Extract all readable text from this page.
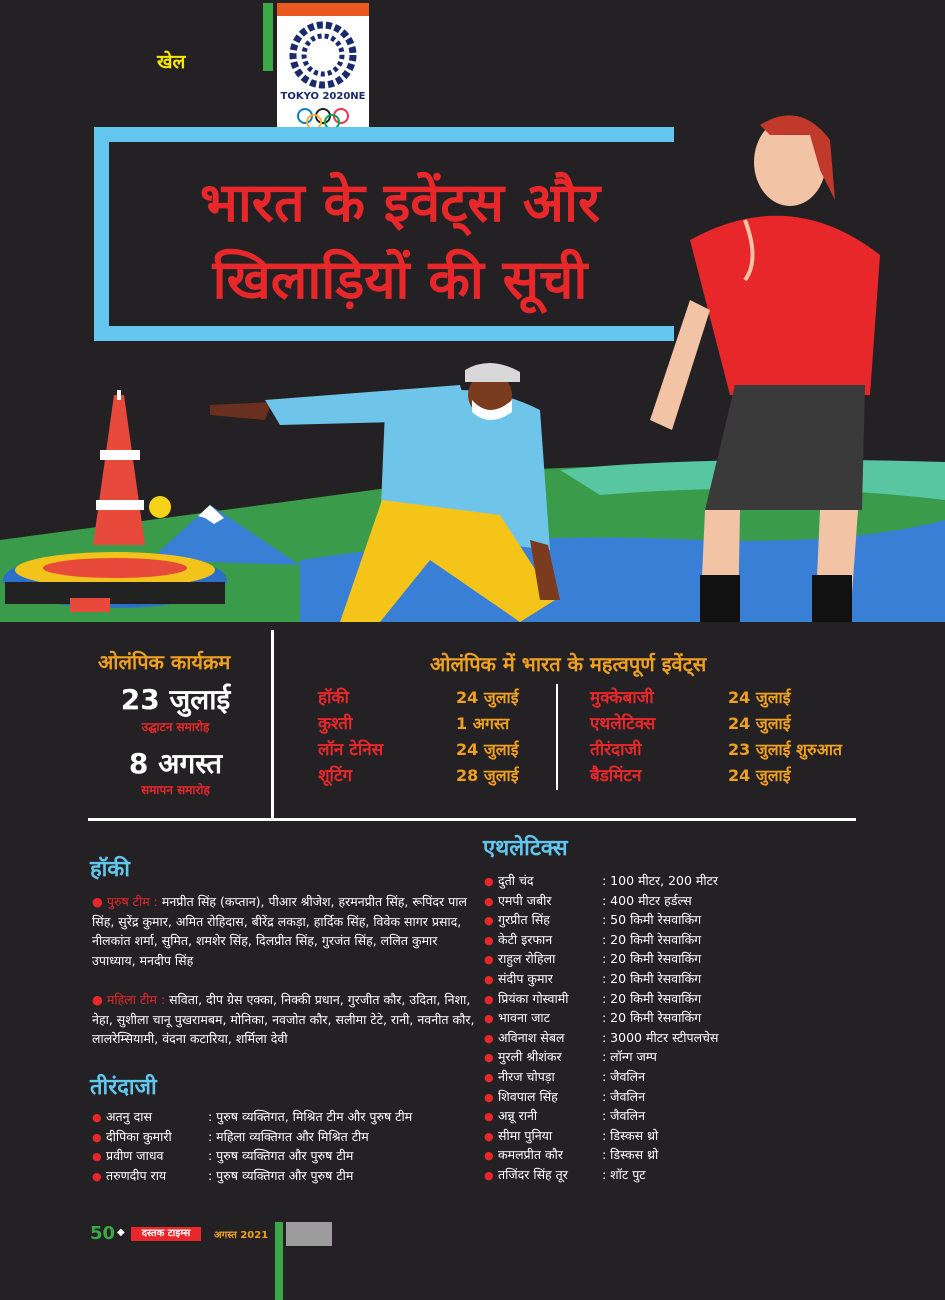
खेल
TOKYO 2020NE
भारत के इवेंट्स और
खिलाड़ियों की सूची
ओलंपिक कार्यक्रम
23 जुलाई
उद्घाटन समारोह
8 अगस्त
समापन समारोह
ओलंपिक में भारत के महत्वपूर्ण इवेंट्स
हॉकी	24 जुलाई
कुश्ती	1 अगस्त
लॉन टेनिस	24 जुलाई
शूटिंग	28 जुलाई
मुक्केबाजी	24 जुलाई
एथलेटिक्स	24 जुलाई
तीरंदाजी	23 जुलाई शुरुआत
बैडमिंटन	24 जुलाई
हॉकी
● पुरुष टीम : मनप्रीत सिंह (कप्तान), पीआर श्रीजेश, हरमनप्रीत सिंह, रूपिंदर पाल सिंह, सुरेंद्र कुमार, अमित रोहिदास, बीरेंद्र लकड़ा, हार्दिक सिंह, विवेक सागर प्रसाद, नीलकांत शर्मा, सुमित, शमशेर सिंह, दिलप्रीत सिंह, गुरजंत सिंह, ललित कुमार उपाध्याय, मनदीप सिंह
● महिला टीम : सविता, दीप ग्रेस एक्का, निक्की प्रधान, गुरजीत कौर, उदिता, निशा, नेहा, सुशीला चानू पुखरामबम, मोनिका, नवजोत कौर, सलीमा टेटे, रानी, नवनीत कौर, लालरेम्सियामी, वंदना कटारिया, शर्मिला देवी
तीरंदाजी
● अतनु दास	: पुरुष व्यक्तिगत, मिश्रित टीम और पुरुष टीम
● दीपिका कुमारी	: महिला व्यक्तिगत और मिश्रित टीम
● प्रवीण जाधव	: पुरुष व्यक्तिगत और पुरुष टीम
● तरुणदीप राय	: पुरुष व्यक्तिगत और पुरुष टीम
एथलेटिक्स
● दुती चंद	: 100 मीटर, 200 मीटर
● एमपी जबीर	: 400 मीटर हर्डल्स
● गुरप्रीत सिंह	: 50 किमी रेसवाकिंग
● केटी इरफान	: 20 किमी रेसवाकिंग
● राहुल रोहिला	: 20 किमी रेसवाकिंग
● संदीप कुमार	: 20 किमी रेसवाकिंग
● प्रियंका गोस्वामी	: 20 किमी रेसवाकिंग
● भावना जाट	: 20 किमी रेसवाकिंग
● अविनाश सेबल	: 3000 मीटर स्टीपलचेस
● मुरली श्रीशंकर	: लॉन्ग जम्प
● नीरज चोपड़ा	: जैवलिन
● शिवपाल सिंह	: जैवलिन
● अन्नू रानी	: जैवलिन
● सीमा पुनिया	: डिस्कस थ्रो
● कमलप्रीत कौर	: डिस्कस थ्रो
● तजिंदर सिंह तूर	: शॉट पुट
50 ◆	दस्तक टाइम्स	अगस्त 2021
